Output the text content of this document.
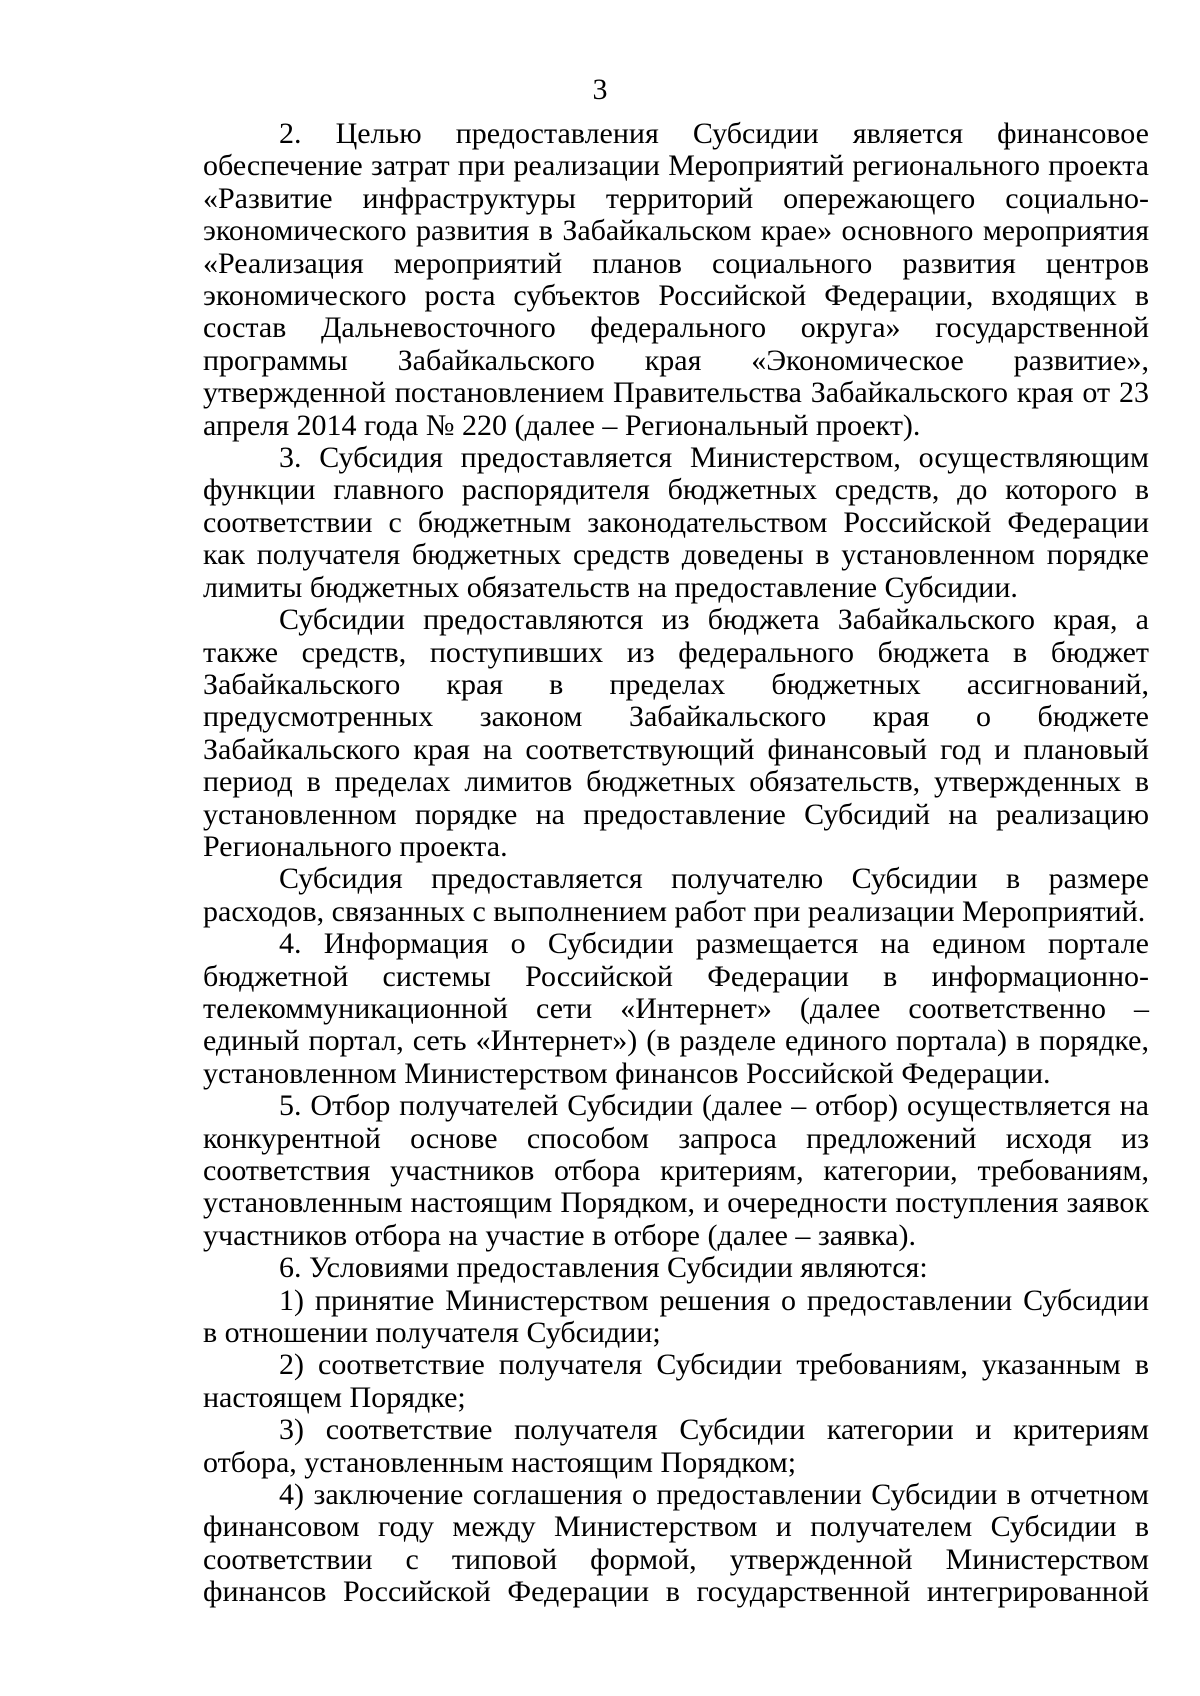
3

2. Целью предоставления Субсидии является финансовое обеспечение затрат при реализации Мероприятий регионального проекта «Развитие инфраструктуры территорий опережающего социально-экономического развития в Забайкальском крае» основного мероприятия «Реализация мероприятий планов социального развития центров экономического роста субъектов Российской Федерации, входящих в состав Дальневосточного федерального округа» государственной программы Забайкальского края «Экономическое развитие», утвержденной постановлением Правительства Забайкальского края от 23 апреля 2014 года № 220 (далее – Региональный проект).

3. Субсидия предоставляется Министерством, осуществляющим функции главного распорядителя бюджетных средств, до которого в соответствии с бюджетным законодательством Российской Федерации как получателя бюджетных средств доведены в установленном порядке лимиты бюджетных обязательств на предоставление Субсидии.

Субсидии предоставляются из бюджета Забайкальского края, а также средств, поступивших из федерального бюджета в бюджет Забайкальского края в пределах бюджетных ассигнований, предусмотренных законом Забайкальского края о бюджете Забайкальского края на соответствующий финансовый год и плановый период в пределах лимитов бюджетных обязательств, утвержденных в установленном порядке на предоставление Субсидий на реализацию Регионального проекта.

Субсидия предоставляется получателю Субсидии в размере расходов, связанных с выполнением работ при реализации Мероприятий.

4. Информация о Субсидии размещается на едином портале бюджетной системы Российской Федерации в информационно-телекоммуникационной сети «Интернет» (далее соответственно – единый портал, сеть «Интернет») (в разделе единого портала) в порядке, установленном Министерством финансов Российской Федерации.

5. Отбор получателей Субсидии (далее – отбор) осуществляется на конкурентной основе способом запроса предложений исходя из соответствия участников отбора критериям, категории, требованиям, установленным настоящим Порядком, и очередности поступления заявок участников отбора на участие в отборе (далее – заявка).

6. Условиями предоставления Субсидии являются:

1) принятие Министерством решения о предоставлении Субсидии в отношении получателя Субсидии;

2) соответствие получателя Субсидии требованиям, указанным в настоящем Порядке;

3) соответствие получателя Субсидии категории и критериям отбора, установленным настоящим Порядком;

4) заключение соглашения о предоставлении Субсидии в отчетном финансовом году между Министерством и получателем Субсидии в соответствии с типовой формой, утвержденной Министерством финансов Российской Федерации в государственной интегрированной
